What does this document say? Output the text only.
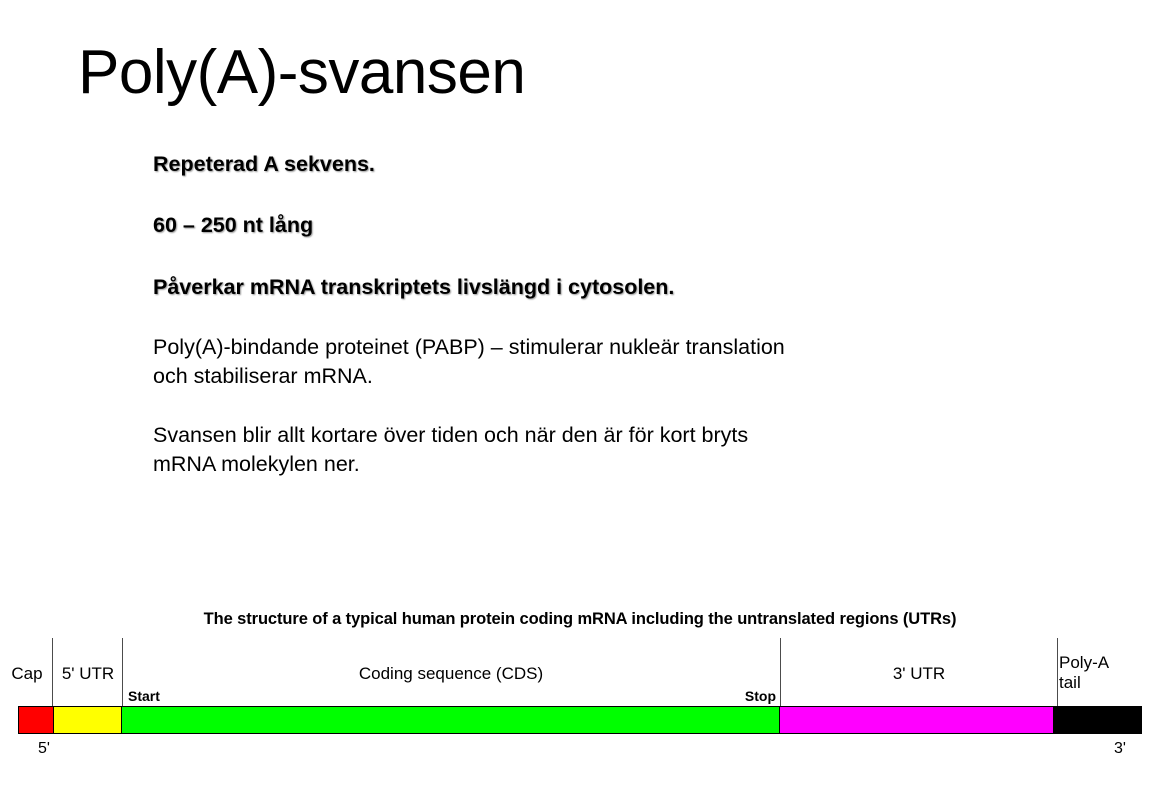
Poly(A)-svansen

Repeterad A sekvens.

60 – 250 nt lång

Påverkar mRNA transkriptets livslängd i cytosolen.

Poly(A)-bindande proteinet (PABP) – stimulerar nukleär translation

och stabiliserar mRNA.

Svansen blir allt kortare över tiden och när den är för kort bryts

mRNA molekylen ner.

The structure of a typical human protein coding mRNA including the untranslated regions (UTRs)
Cap	5' UTR	Coding sequence (CDS)	3' UTR
Poly-A
tail
Start	Stop
5'	3'
